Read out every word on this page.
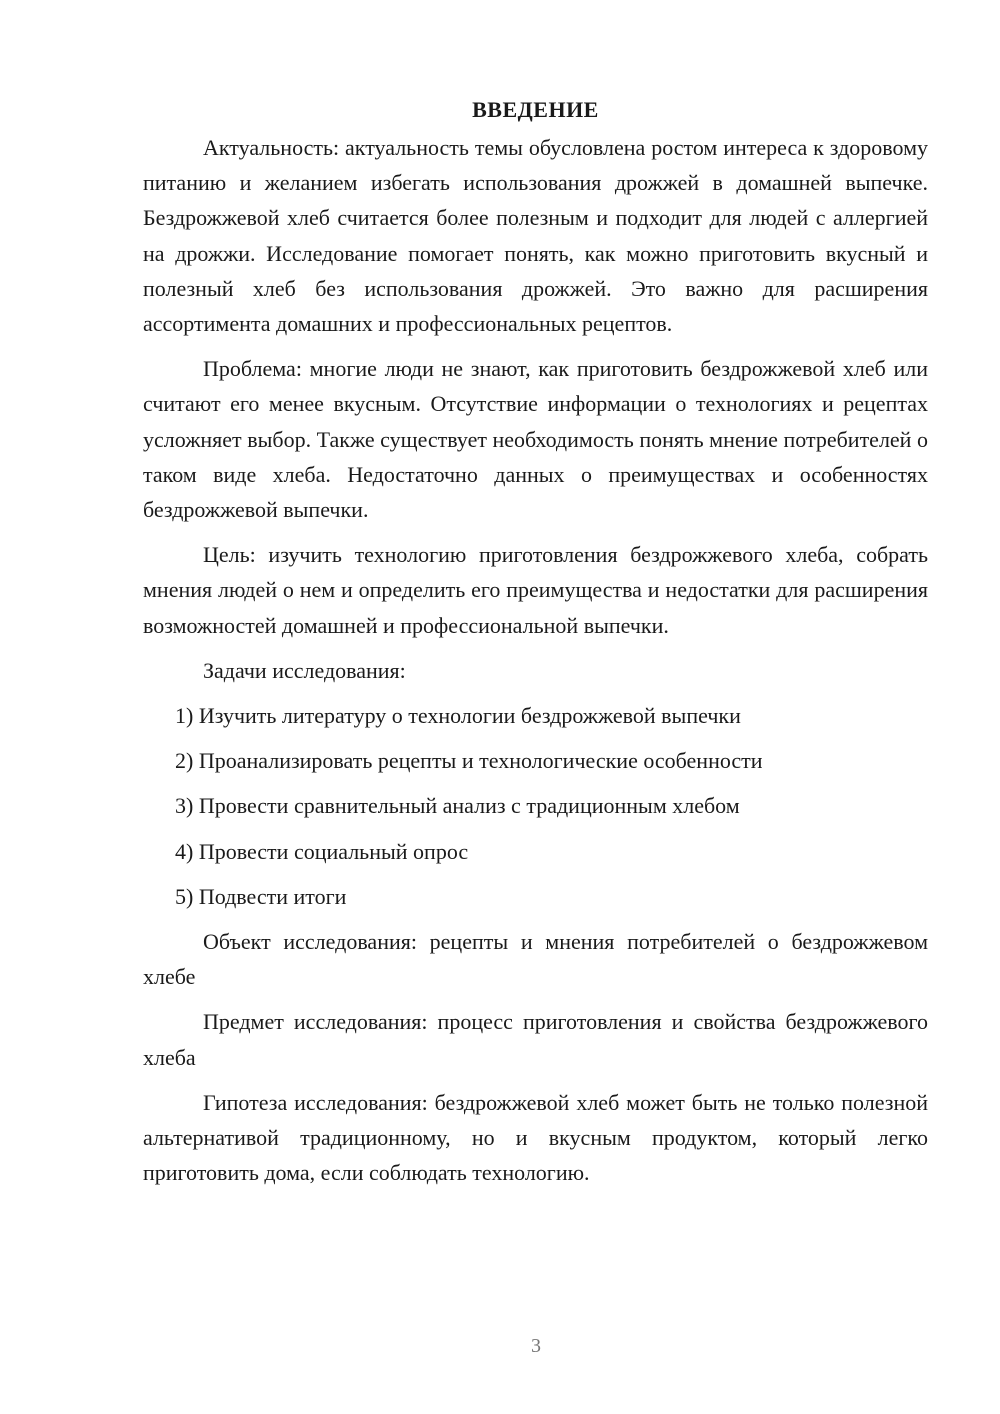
ВВЕДЕНИЕ

Актуальность: актуальность темы обусловлена ростом интереса к здоровому питанию и желанием избегать использования дрожжей в домашней выпечке. Бездрожжевой хлеб считается более полезным и подходит для людей с аллергией на дрожжи. Исследование помогает понять, как можно приготовить вкусный и полезный хлеб без использования дрожжей. Это важно для расширения ассортимента домашних и профессиональных рецептов.

Проблема: многие люди не знают, как приготовить бездрожжевой хлеб или считают его менее вкусным. Отсутствие информации о технологиях и рецептах усложняет выбор. Также существует необходимость понять мнение потребителей о таком виде хлеба. Недостаточно данных о преимуществах и особенностях бездрожжевой выпечки.

Цель: изучить технологию приготовления бездрожжевого хлеба, собрать мнения людей о нем и определить его преимущества и недостатки для расширения возможностей домашней и профессиональной выпечки.

Задачи исследования:

1) Изучить литературу о технологии бездрожжевой выпечки
2) Проанализировать рецепты и технологические особенности
3) Провести сравнительный анализ с традиционным хлебом
4) Провести социальный опрос
5) Подвести итоги

Объект исследования: рецепты и мнения потребителей о бездрожжевом хлебе

Предмет исследования: процесс приготовления и свойства бездрожжевого хлеба

Гипотеза исследования: бездрожжевой хлеб может быть не только полезной альтернативой традиционному, но и вкусным продуктом, который легко приготовить дома, если соблюдать технологию.

3
